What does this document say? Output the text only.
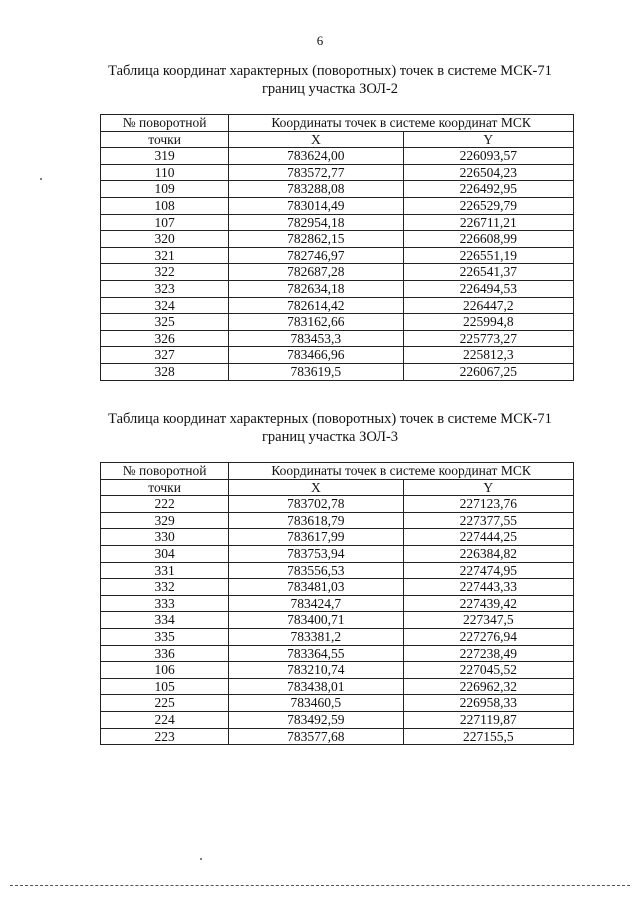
6
Таблица координат характерных (поворотных) точек в системе МСК-71
границ участка ЗОЛ-2
№ поворотной	Координаты точек в системе координат МСК	
точки	X	Y
319	783624,00	226093,57
110	783572,77	226504,23
109	783288,08	226492,95
108	783014,49	226529,79
107	782954,18	226711,21
320	782862,15	226608,99
321	782746,97	226551,19
322	782687,28	226541,37
323	782634,18	226494,53
324	782614,42	226447,2
325	783162,66	225994,8
326	783453,3	225773,27
327	783466,96	225812,3
328	783619,5	226067,25
Таблица координат характерных (поворотных) точек в системе МСК-71
границ участка ЗОЛ-3
№ поворотной	Координаты точек в системе координат МСК	
точки	X	Y
222	783702,78	227123,76
329	783618,79	227377,55
330	783617,99	227444,25
304	783753,94	226384,82
331	783556,53	227474,95
332	783481,03	227443,33
333	783424,7	227439,42
334	783400,71	227347,5
335	783381,2	227276,94
336	783364,55	227238,49
106	783210,74	227045,52
105	783438,01	226962,32
225	783460,5	226958,33
224	783492,59	227119,87
223	783577,68	227155,5
